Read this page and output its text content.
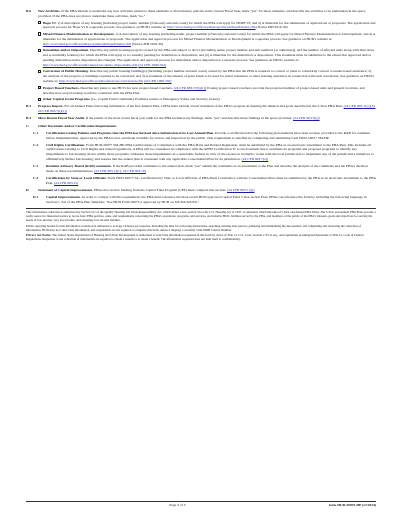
B.6	New Activities. If the PHA intends to undertake any new activities related to these elements or discretionary policies in the current Fiscal Year, mark "yes" for those elements, and describe the activities to be undertaken in the space provided. If the PHA does not plan to undertake these activities, mark "no."
Hope VI. 1) A description of any housing (including project name, number (if known) and unit count) for which the PHA will apply for HOPE VI; and 2) A timetable for the submission of applications or proposals. The application and approval process for Hope VI is a separate process. See guidance on HUD's website at: http://www.hud.gov/offices/pih/programs/ph/hope6/index.cfm (Notice PIH 2010-30)
Mixed Finance Modernization or Development. 1) A description of any housing (including name, project number (if known) and unit count) for which the PHA will apply for Mixed Finance Modernization or Development; and 2) A timetable for the submission of applications or proposals. The application and approval process for Mixed Finance Modernization or Development is a separate process. See guidance on HUD's website at: http://www.hud.gov/offices/pih/programs/ph/hope6/index.cfm (Notice PIH 2010-30)
Demolition and/or Disposition. Describe any public housing projects owned by the PHA and subject to ACCs (including name, project number and unit numbers [or addresses]), and the number of affected units along with their sizes and accessibility features) for which the PHA will apply or is currently pending for demolition or disposition; and (2) A timetable for the demolition or disposition. This statement must be submitted to the extent that approved and/or pending demolition and/or disposition has changed. The application and approval process for demolition and/or disposition is a separate process. See guidance on HUD's website at: http://www.hud.gov/offices/pih/centers/sac/demo_dispo/index.cfm (24 CFR 1990.704)
Conversion of Public Housing. Describe any public housing building(s) (including project number and unit count) owned by the PHA that the PHA is required to convert or plans to voluntarily convert to tenant-based assistance; 2) An analysis of the projects or buildings required to be converted; and 3) A statement of the amount of grant funds to be used for rental assistance or other housing assistance in connection with such conversion. See guidance on HUD's website at: http://www.hud.gov/offices/pih/centers/sac/conversion.cfm (24 CFR 1990.702)
✓
Project Based Vouchers. Describe any plans to use HCVs for new project-based vouchers. (24 CFR 983.57(b)(1)) If using project-based vouchers, provide the projected number of project-based units and general locations, and describe how project-basing would be consistent with the PHA Plan.
Other Capital Grant Programs (i.e., Capital Fund Community Facilities Grants or Emergency Safety and Security Grants).
B.3	Progress Report. For all Annual Plans following submission of the first Annual Plan, a PHA must include a brief statement of the PHA's progress in meeting the mission and goals described in the 5-Year PHA Plan. (24 CFR 903.11(c)(3), 24 CFR 903.7(r)(1))
B.4	Most Recent Fiscal Year Audit. If the results of the most recent fiscal year audit for the PHA included any findings, mark "yes" and describe those findings in the space provided. (24 CFR 903.7(p))
C.	Other Document and/or Certification Requirements
C.1	Certification Listing Policies and Programs that the PHA has Revised since Submission of its Last Annual Plan. Provide a certification that the following plan elements have been revised, provided to the RAB for comment before implementation, approved by the PHA board, and made available for review and inspection by the public. This requirement is satisfied by completing and submitting form HUD-50077 SM-HP.
C.2	Civil Rights Certification. Form HUD-50077 SM-HP, PHA Certifications of Compliance with the PHA Plans and Related Regulation, must be submitted by the PHA as an electronic attachment to the PHA Plan. This includes all certifications relating to Civil Rights and related regulations. A PHA will be considered in compliance with the AFFH Certification if: it can document that it examines its programs and proposed programs to identify any impediments to fair housing choice within those programs; addresses those impediments in a reasonable fashion in view of the resources available; works with the local jurisdiction to implement any of the jurisdiction's initiatives to affirmatively further fair housing; and assures that the annual plan is consistent with any applicable Consolidated Plan for its jurisdiction. (24 CFR 903.7(o))
C.3	Resident Advisory Board (RAB) comments. If the RAB provided comments to the annual plan, mark "yes" submit the comments as an attachment to the Plan and describe the analysis of the comments and the PHA's decision made on these recommendations. (24 CFR 903.13(c), 24 CFR 903.19)
C.4	Certification by State or Local Officials. Form HUD 50077-SL, Certification by State or Local Officials of PHA Plans Consistency with the Consolidated Plan, must be submitted by the PHA as an electronic attachment to the PHA Plan. (24 CFR 903.15)
D.	Statement of Capital Improvements. PHAs that receive funding from the Capital Fund Program (CFP) must complete this section. (24 CFR 903.7 (g))
D.1	Capital Improvements. In order to comply with this requirement, the PHA must reference the most recent HUD approved Capital Fund 5 Year Action Plan. PHAs can reference the form by including the following language in Section C. 8.0 of the PHA Plan Template: "See HUD Form 50075.2 approved by HUD on XX/XX/XXXX."
This information collection is authorized by Section 511 of the Quality Housing and Work Responsibility Act, which added a new section 5A to the U.S. Housing Act of 1937, as amended, which introduced 5-Year and Annual PHA Plans. The 5-Year and Annual PHA Plans provide a ready source for interested parties to locate basic PHA policies, rules, and requirements concerning the PHA's operations, programs, and services, and informs HUD, families served by the PHA, and members of the public of the PHA's mission, goals and objectives for serving the needs of low-income, very low-income, and extremely low-income families.
Public reporting burden for this information collection is estimated to average 16 hours per response, including the time for reviewing instructions, searching existing data sources, gathering and maintaining the data needed, and completing and reviewing the collection of information. HUD may not collect this information, and respondents are not required to complete this form, unless it displays a currently valid OMB Control Number.
Privacy Act Notice. The United States Department of Housing and Urban Development is authorized to solicit the information requested in this form by virtue of Title 12, U.S. Code, Section 1701 et seq., and regulations promulgated thereunder at Title 12, Code of Federal Regulations. Responses to the collection of information are required to obtain a benefit or to retain a benefit. The information requested does not lend itself to confidentiality.
Page 3 of 5	form HUD-50075-HP (12/2014)
